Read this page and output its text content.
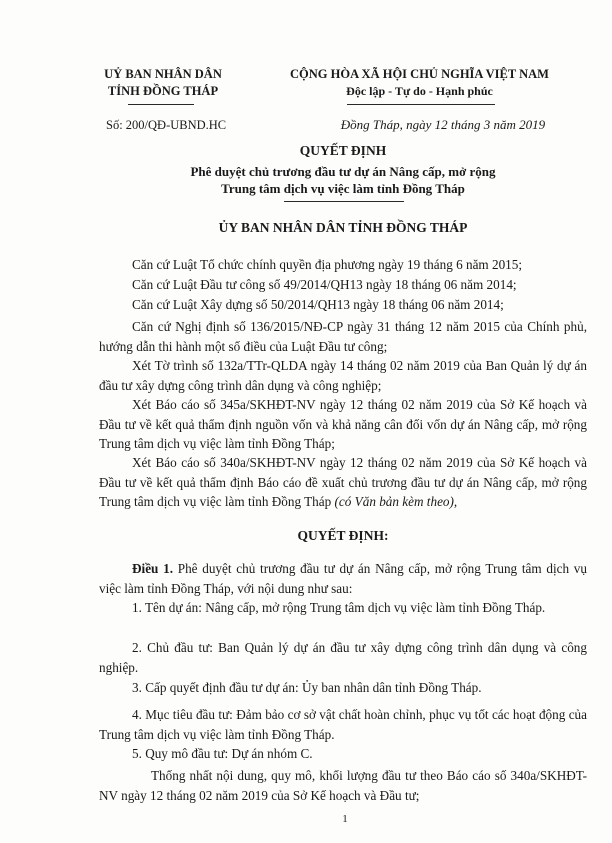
UỶ BAN NHÂN DÂN
TỈNH ĐỒNG THÁP
CỘNG HÒA XÃ HỘI CHỦ NGHĨA VIỆT NAM
Độc lập - Tự do - Hạnh phúc
Số: 200/QĐ-UBND.HC	Đồng Tháp, ngày 12 tháng 3 năm 2019
QUYẾT ĐỊNH
Phê duyệt chủ trương đầu tư dự án Nâng cấp, mở rộng
Trung tâm dịch vụ việc làm tỉnh Đồng Tháp
ỦY BAN NHÂN DÂN TỈNH ĐỒNG THÁP
Căn cứ Luật Tổ chức chính quyền địa phương ngày 19 tháng 6 năm 2015;
Căn cứ Luật Đầu tư công số 49/2014/QH13 ngày 18 tháng 06 năm 2014;
Căn cứ Luật Xây dựng số 50/2014/QH13 ngày 18 tháng 06 năm 2014;
Căn cứ Nghị định số 136/2015/NĐ-CP ngày 31 tháng 12 năm 2015 của Chính phủ, hướng dẫn thi hành một số điều của Luật Đầu tư công;
Xét Tờ trình số 132a/TTr-QLDA ngày 14 tháng 02 năm 2019 của Ban Quản lý dự án đầu tư xây dựng công trình dân dụng và công nghiệp;
Xét Báo cáo số 345a/SKHĐT-NV ngày 12 tháng 02 năm 2019 của Sở Kế hoạch và Đầu tư về kết quả thẩm định nguồn vốn và khả năng cân đối vốn dự án Nâng cấp, mở rộng Trung tâm dịch vụ việc làm tỉnh Đồng Tháp;
Xét Báo cáo số 340a/SKHĐT-NV ngày 12 tháng 02 năm 2019 của Sở Kế hoạch và Đầu tư về kết quả thẩm định Báo cáo đề xuất chủ trương đầu tư dự án Nâng cấp, mở rộng Trung tâm dịch vụ việc làm tỉnh Đồng Tháp (có Văn bản kèm theo),
QUYẾT ĐỊNH:
Điều 1. Phê duyệt chủ trương đầu tư dự án Nâng cấp, mở rộng Trung tâm dịch vụ việc làm tỉnh Đồng Tháp, với nội dung như sau:
1. Tên dự án: Nâng cấp, mở rộng Trung tâm dịch vụ việc làm tỉnh Đồng Tháp.
2. Chủ đầu tư: Ban Quản lý dự án đầu tư xây dựng công trình dân dụng và công nghiệp.
3. Cấp quyết định đầu tư dự án: Ủy ban nhân dân tỉnh Đồng Tháp.
4. Mục tiêu đầu tư: Đảm bảo cơ sở vật chất hoàn chỉnh, phục vụ tốt các hoạt động của Trung tâm dịch vụ việc làm tỉnh Đồng Tháp.
5. Quy mô đầu tư: Dự án nhóm C.
Thống nhất nội dung, quy mô, khối lượng đầu tư theo Báo cáo số 340a/SKHĐT-NV ngày 12 tháng 02 năm 2019 của Sở Kế hoạch và Đầu tư;
1
